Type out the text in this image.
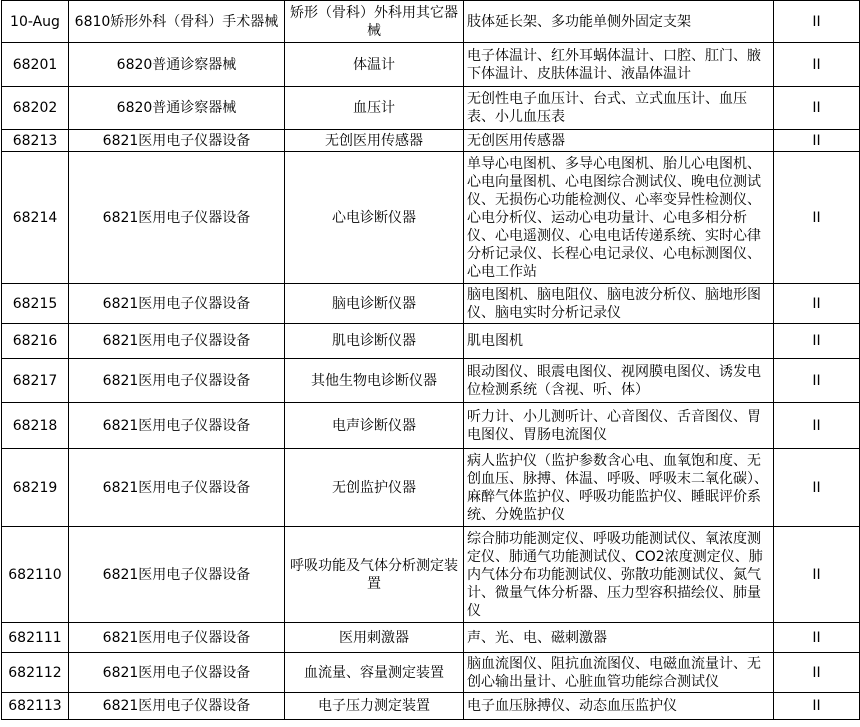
10-Aug	6810矫形外科（骨科）手术器械	矫形（骨科）外科用其它器械	肢体延长架、多功能单侧外固定支架	II
68201	6820普通诊察器械	体温计	电子体温计、红外耳蜗体温计、口腔、肛门、腋下体温计、皮肤体温计、液晶体温计	II
68202	6820普通诊察器械	血压计	无创性电子血压计、台式、立式血压计、血压表、小儿血压表	II
68213	6821医用电子仪器设备	无创医用传感器	无创医用传感器	II
68214	6821医用电子仪器设备	心电诊断仪器	单导心电图机、多导心电图机、胎儿心电图机、心电向量图机、心电图综合测试仪、晚电位测试仪、无损伤心功能检测仪、心率变异性检测仪、心电分析仪、运动心电功量计、心电多相分析仪、心电遥测仪、心电电话传递系统、实时心律分析记录仪、长程心电记录仪、心电标测图仪、心电工作站	II
68215	6821医用电子仪器设备	脑电诊断仪器	脑电图机、脑电阻仪、脑电波分析仪、脑地形图仪、脑电实时分析记录仪	II
68216	6821医用电子仪器设备	肌电诊断仪器	肌电图机	II
68217	6821医用电子仪器设备	其他生物电诊断仪器	眼动图仪、眼震电图仪、视网膜电图仪、诱发电位检测系统（含视、听、体）	II
68218	6821医用电子仪器设备	电声诊断仪器	听力计、小儿测听计、心音图仪、舌音图仪、胃电图仪、胃肠电流图仪	II
68219	6821医用电子仪器设备	无创监护仪器	病人监护仪（监护参数含心电、血氧饱和度、无创血压、脉搏、体温、呼吸、呼吸末二氧化碳）、麻醉气体监护仪、呼吸功能监护仪、睡眠评价系统、分娩监护仪	II
682110	6821医用电子仪器设备	呼吸功能及气体分析测定装置	综合肺功能测定仪、呼吸功能测试仪、氧浓度测定仪、肺通气功能测试仪、CO2浓度测定仪、肺内气体分布功能测试仪、弥散功能测试仪、氮气计、微量气体分析器、压力型容积描绘仪、肺量仪	II
682111	6821医用电子仪器设备	医用刺激器	声、光、电、磁刺激器	II
682112	6821医用电子仪器设备	血流量、容量测定装置	脑血流图仪、阻抗血流图仪、电磁血流量计、无创心输出量计、心脏血管功能综合测试仪	II
682113	6821医用电子仪器设备	电子压力测定装置	电子血压脉搏仪、动态血压监护仪	II
